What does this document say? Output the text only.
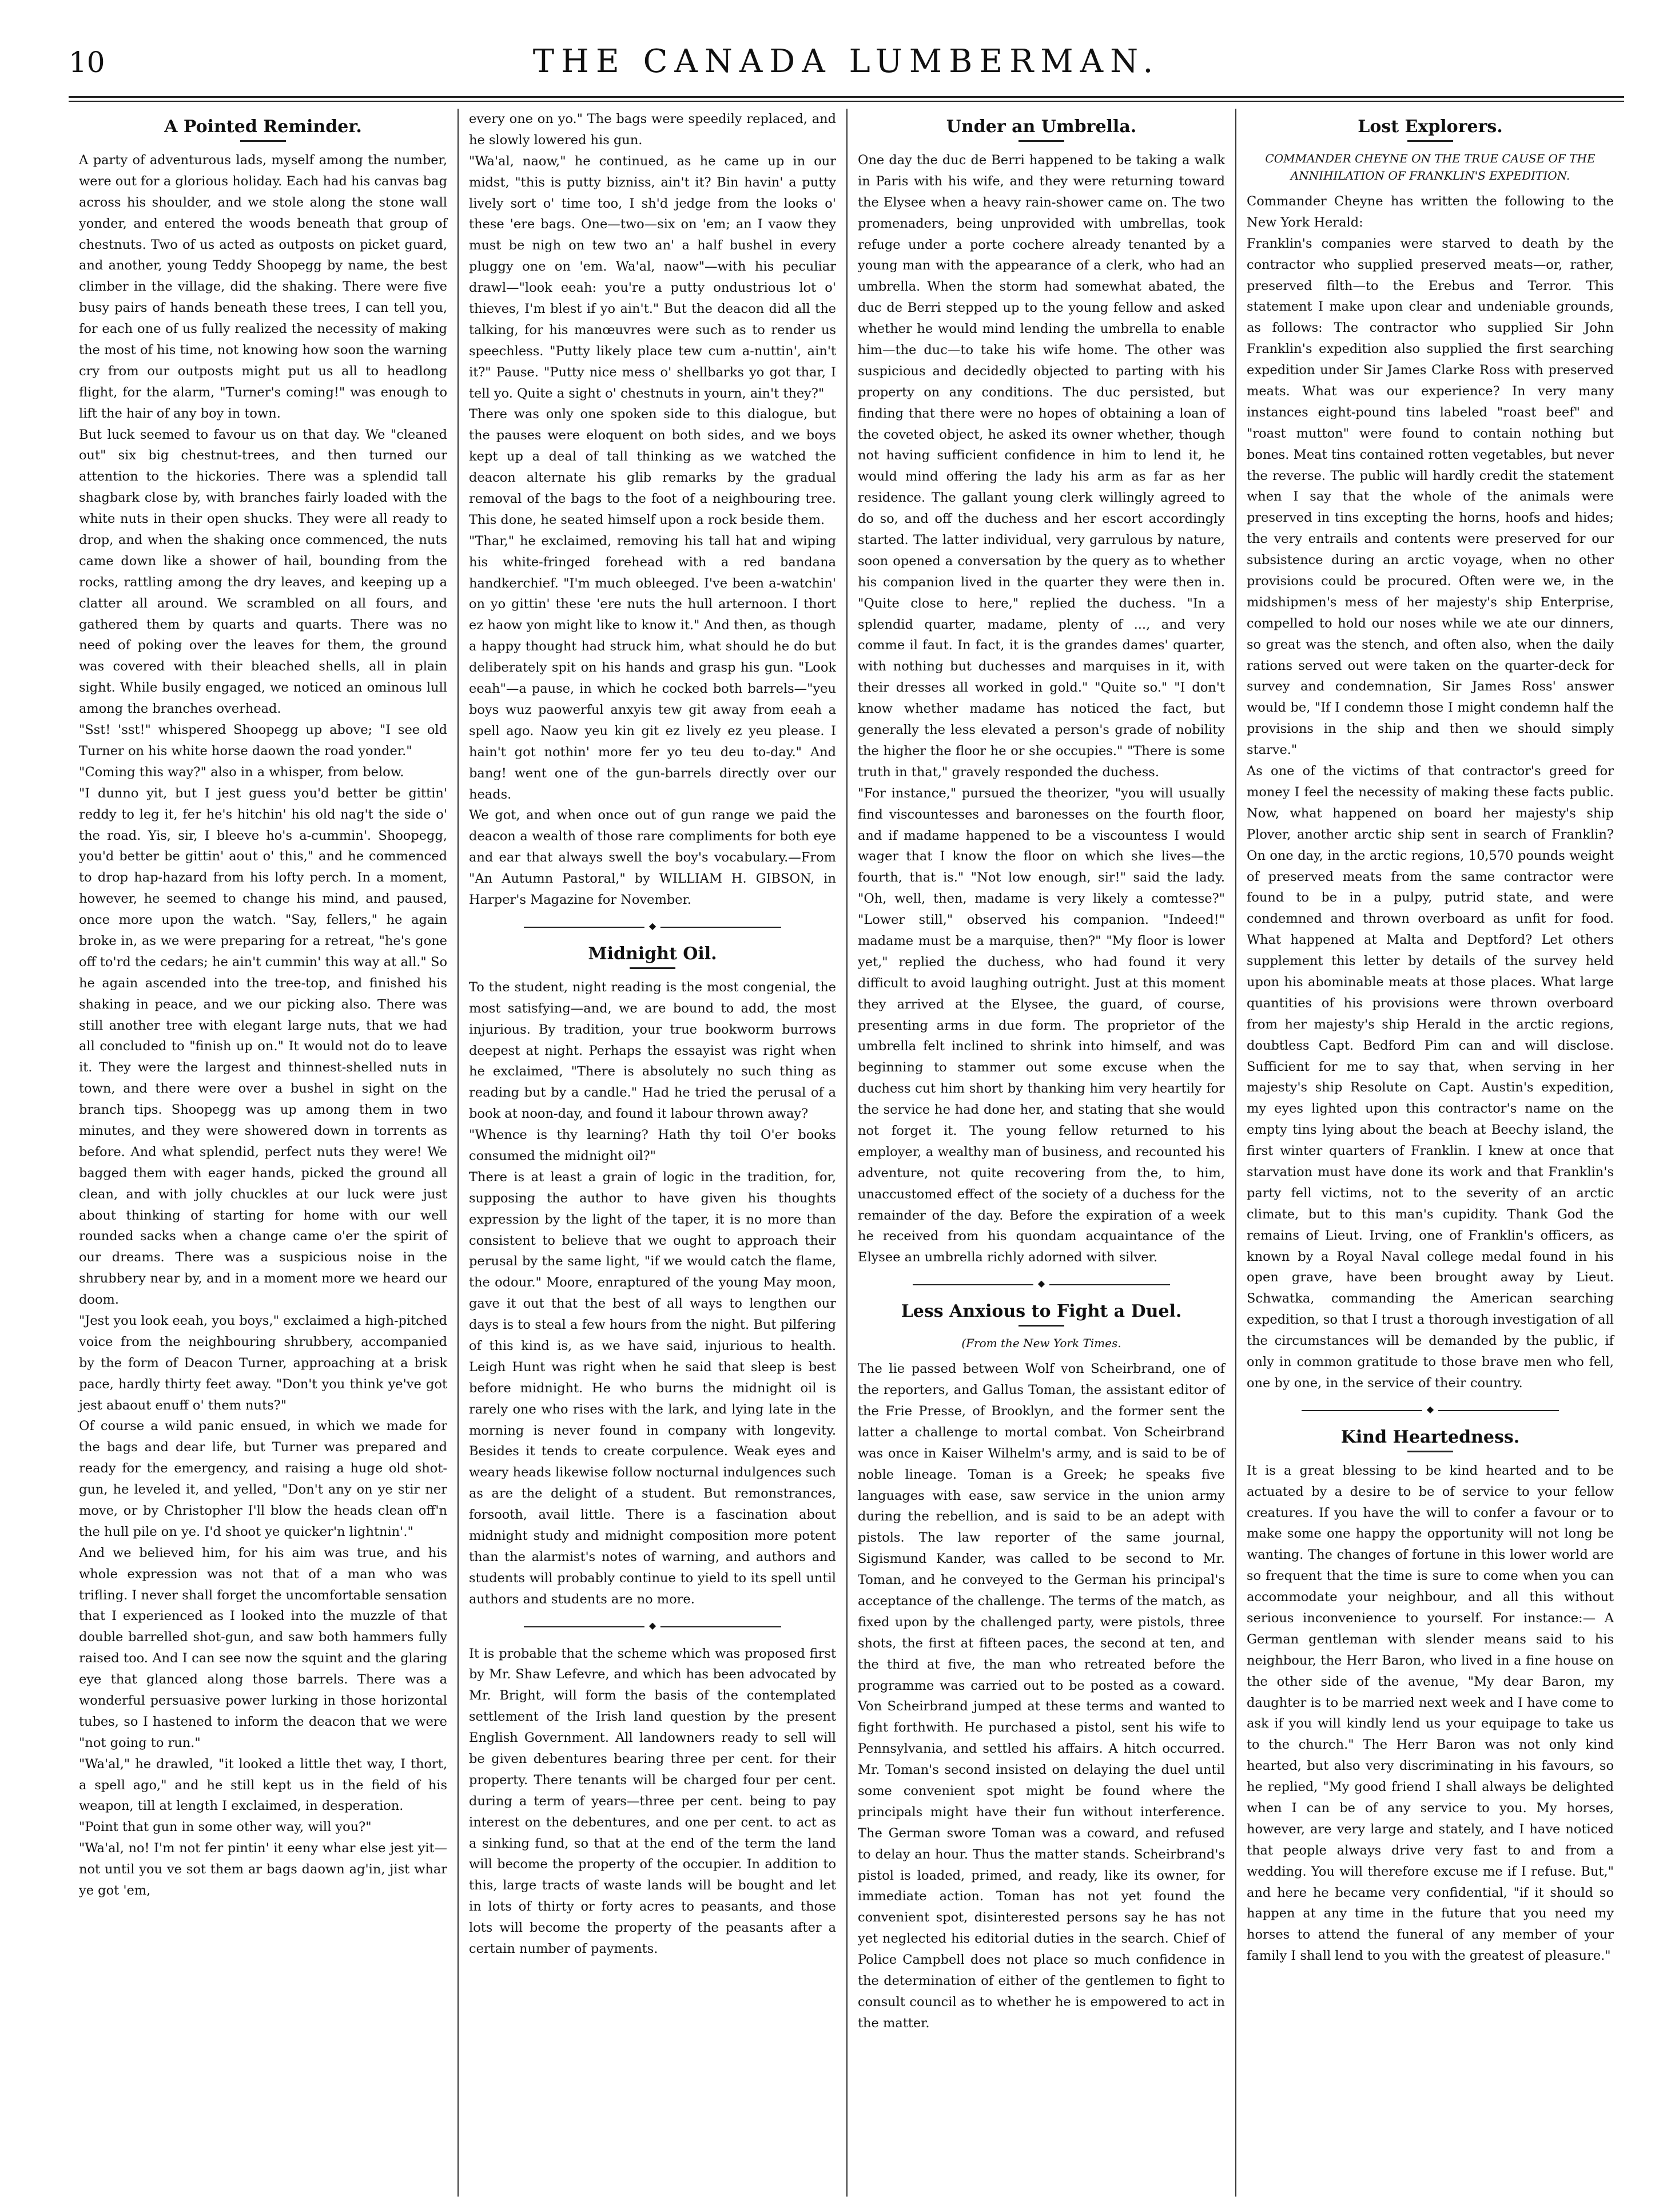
10	THE CANADA LUMBERMAN.
A Pointed Reminder.

A party of adventurous lads, myself among the number, were out for a glorious holiday. Each had his canvas bag across his shoulder, and we stole along the stone wall yonder, and entered the woods beneath that group of chestnuts. Two of us acted as outposts on picket guard, and another, young Teddy Shoopegg by name, the best climber in the village, did the shaking. There were five busy pairs of hands beneath these trees, I can tell you, for each one of us fully realized the necessity of making the most of his time, not knowing how soon the warning cry from our outposts might put us all to headlong flight, for the alarm, "Turner's coming!" was enough to lift the hair of any boy in town.
But luck seemed to favour us on that day. We "cleaned out" six big chestnut-trees, and then turned our attention to the hickories. There was a splendid tall shagbark close by, with branches fairly loaded with the white nuts in their open shucks. They were all ready to drop, and when the shaking once commenced, the nuts came down like a shower of hail, bounding from the rocks, rattling among the dry leaves, and keeping up a clatter all around. We scrambled on all fours, and gathered them by quarts and quarts. There was no need of poking over the leaves for them, the ground was covered with their bleached shells, all in plain sight. While busily engaged, we noticed an ominous lull among the branches overhead.
"Sst! 'sst!" whispered Shoopegg up above; "I see old Turner on his white horse daown the road yonder."
"Coming this way?" also in a whisper, from below.
"I dunno yit, but I jest guess you'd better be gittin' reddy to leg it, fer he's hitchin' his old nag't the side o' the road. Yis, sir, I bleeve ho's a-cummin'. Shoopegg, you'd better be gittin' aout o' this," and he commenced to drop hap-hazard from his lofty perch. In a moment, however, he seemed to change his mind, and paused, once more upon the watch. "Say, fellers," he again broke in, as we were preparing for a retreat, "he's gone off to'rd the cedars; he ain't cummin' this way at all." So he again ascended into the tree-top, and finished his shaking in peace, and we our picking also. There was still another tree with elegant large nuts, that we had all concluded to "finish up on." It would not do to leave it. They were the largest and thinnest-shelled nuts in town, and there were over a bushel in sight on the branch tips. Shoopegg was up among them in two minutes, and they were showered down in torrents as before. And what splendid, perfect nuts they were! We bagged them with eager hands, picked the ground all clean, and with jolly chuckles at our luck were just about thinking of starting for home with our well rounded sacks when a change came o'er the spirit of our dreams. There was a suspicious noise in the shrubbery near by, and in a moment more we heard our doom.
"Jest you look eeah, you boys," exclaimed a high-pitched voice from the neighbouring shrubbery, accompanied by the form of Deacon Turner, approaching at a brisk pace, hardly thirty feet away. "Don't you think ye've got jest abaout enuff o' them nuts?"
Of course a wild panic ensued, in which we made for the bags and dear life, but Turner was prepared and ready for the emergency, and raising a huge old shot-gun, he leveled it, and yelled, "Don't any on ye stir ner move, or by Christopher I'll blow the heads clean off'n the hull pile on ye. I'd shoot ye quicker'n lightnin'."
And we believed him, for his aim was true, and his whole expression was not that of a man who was trifling. I never shall forget the uncomfortable sensation that I experienced as I looked into the muzzle of that double barrelled shot-gun, and saw both hammers fully raised too. And I can see now the squint and the glaring eye that glanced along those barrels. There was a wonderful persuasive power lurking in those horizontal tubes, so I hastened to inform the deacon that we were "not going to run."
"Wa'al," he drawled, "it looked a little thet way, I thort, a spell ago," and he still kept us in the field of his weapon, till at length I exclaimed, in desperation.
"Point that gun in some other way, will you?"
"Wa'al, no! I'm not fer pintin' it eeny whar else jest yit—not until you ve sot them ar bags daown ag'in, jist whar ye got 'em,

every one on yo." The bags were speedily replaced, and he slowly lowered his gun.
"Wa'al, naow," he continued, as he came up in our midst, "this is putty bizniss, ain't it? Bin havin' a putty lively sort o' time too, I sh'd jedge from the looks o' these 'ere bags. One—two—six on 'em; an I vaow they must be nigh on tew two an' a half bushel in every pluggy one on 'em. Wa'al, naow"—with his peculiar drawl—"look eeah: you're a putty ondustrious lot o' thieves, I'm blest if yo ain't." But the deacon did all the talking, for his manœuvres were such as to render us speechless. "Putty likely place tew cum a-nuttin', ain't it?" Pause. "Putty nice mess o' shellbarks yo got thar, I tell yo. Quite a sight o' chestnuts in yourn, ain't they?"
There was only one spoken side to this dialogue, but the pauses were eloquent on both sides, and we boys kept up a deal of tall thinking as we watched the deacon alternate his glib remarks by the gradual removal of the bags to the foot of a neighbouring tree. This done, he seated himself upon a rock beside them.
"Thar," he exclaimed, removing his tall hat and wiping his white-fringed forehead with a red bandana handkerchief. "I'm much obleeged. I've been a-watchin' on yo gittin' these 'ere nuts the hull arternoon. I thort ez haow yon might like to know it." And then, as though a happy thought had struck him, what should he do but deliberately spit on his hands and grasp his gun. "Look eeah"—a pause, in which he cocked both barrels—"yeu boys wuz paowerful anxyis tew git away from eeah a spell ago. Naow yeu kin git ez lively ez yeu please. I hain't got nothin' more fer yo teu deu to-day." And bang! went one of the gun-barrels directly over our heads.
We got, and when once out of gun range we paid the deacon a wealth of those rare compliments for both eye and ear that always swell the boy's vocabulary.—From "An Autumn Pastoral," by WILLIAM H. GIBSON, in Harper's Magazine for November.

◆
Midnight Oil.

To the student, night reading is the most congenial, the most satisfying—and, we are bound to add, the most injurious. By tradition, your true bookworm burrows deepest at night. Perhaps the essayist was right when he exclaimed, "There is absolutely no such thing as reading but by a candle." Had he tried the perusal of a book at noon-day, and found it labour thrown away?
"Whence is thy learning? Hath thy toil O'er books consumed the midnight oil?"
There is at least a grain of logic in the tradition, for, supposing the author to have given his thoughts expression by the light of the taper, it is no more than consistent to believe that we ought to approach their perusal by the same light, "if we would catch the flame, the odour." Moore, enraptured of the young May moon, gave it out that the best of all ways to lengthen our days is to steal a few hours from the night. But pilfering of this kind is, as we have said, injurious to health. Leigh Hunt was right when he said that sleep is best before midnight. He who burns the midnight oil is rarely one who rises with the lark, and lying late in the morning is never found in company with longevity. Besides it tends to create corpulence. Weak eyes and weary heads likewise follow nocturnal indulgences such as are the delight of a student. But remonstrances, forsooth, avail little. There is a fascination about midnight study and midnight composition more potent than the alarmist's notes of warning, and authors and students will probably continue to yield to its spell until authors and students are no more.

◆

It is probable that the scheme which was proposed first by Mr. Shaw Lefevre, and which has been advocated by Mr. Bright, will form the basis of the contemplated settlement of the Irish land question by the present English Government. All landowners ready to sell will be given debentures bearing three per cent. for their property. There tenants will be charged four per cent. during a term of years—three per cent. being to pay interest on the debentures, and one per cent. to act as a sinking fund, so that at the end of the term the land will become the property of the occupier. In addition to this, large tracts of waste lands will be bought and let in lots of thirty or forty acres to peasants, and those lots will become the property of the peasants after a certain number of payments.

Under an Umbrella.

One day the duc de Berri happened to be taking a walk in Paris with his wife, and they were returning toward the Elysee when a heavy rain-shower came on. The two promenaders, being unprovided with umbrellas, took refuge under a porte cochere already tenanted by a young man with the appearance of a clerk, who had an umbrella. When the storm had somewhat abated, the duc de Berri stepped up to the young fellow and asked whether he would mind lending the umbrella to enable him—the duc—to take his wife home. The other was suspicious and decidedly objected to parting with his property on any conditions. The duc persisted, but finding that there were no hopes of obtaining a loan of the coveted object, he asked its owner whether, though not having sufficient confidence in him to lend it, he would mind offering the lady his arm as far as her residence. The gallant young clerk willingly agreed to do so, and off the duchess and her escort accordingly started. The latter individual, very garrulous by nature, soon opened a conversation by the query as to whether his companion lived in the quarter they were then in. "Quite close to here," replied the duchess. "In a splendid quarter, madame, plenty of ..., and very comme il faut. In fact, it is the grandes dames' quarter, with nothing but duchesses and marquises in it, with their dresses all worked in gold." "Quite so." "I don't know whether madame has noticed the fact, but generally the less elevated a person's grade of nobility the higher the floor he or she occupies." "There is some truth in that," gravely responded the duchess.
"For instance," pursued the theorizer, "you will usually find viscountesses and baronesses on the fourth floor, and if madame happened to be a viscountess I would wager that I know the floor on which she lives—the fourth, that is." "Not low enough, sir!" said the lady. "Oh, well, then, madame is very likely a comtesse?" "Lower still," observed his companion. "Indeed!" madame must be a marquise, then?" "My floor is lower yet," replied the duchess, who had found it very difficult to avoid laughing outright. Just at this moment they arrived at the Elysee, the guard, of course, presenting arms in due form. The proprietor of the umbrella felt inclined to shrink into himself, and was beginning to stammer out some excuse when the duchess cut him short by thanking him very heartily for the service he had done her, and stating that she would not forget it. The young fellow returned to his employer, a wealthy man of business, and recounted his adventure, not quite recovering from the, to him, unaccustomed effect of the society of a duchess for the remainder of the day. Before the expiration of a week he received from his quondam acquaintance of the Elysee an umbrella richly adorned with silver.

◆
Less Anxious to Fight a Duel.
(From the New York Times.

The lie passed between Wolf von Scheirbrand, one of the reporters, and Gallus Toman, the assistant editor of the Frie Presse, of Brooklyn, and the former sent the latter a challenge to mortal combat. Von Scheirbrand was once in Kaiser Wilhelm's army, and is said to be of noble lineage. Toman is a Greek; he speaks five languages with ease, saw service in the union army during the rebellion, and is said to be an adept with pistols. The law reporter of the same journal, Sigismund Kander, was called to be second to Mr. Toman, and he conveyed to the German his principal's acceptance of the challenge. The terms of the match, as fixed upon by the challenged party, were pistols, three shots, the first at fifteen paces, the second at ten, and the third at five, the man who retreated before the programme was carried out to be posted as a coward. Von Scheirbrand jumped at these terms and wanted to fight forthwith. He purchased a pistol, sent his wife to Pennsylvania, and settled his affairs. A hitch occurred. Mr. Toman's second insisted on delaying the duel until some convenient spot might be found where the principals might have their fun without interference. The German swore Toman was a coward, and refused to delay an hour. Thus the matter stands. Scheirbrand's pistol is loaded, primed, and ready, like its owner, for immediate action. Toman has not yet found the convenient spot, disinterested persons say he has not yet neglected his editorial duties in the search. Chief of Police Campbell does not place so much confidence in the determination of either of the gentlemen to fight to consult council as to whether he is empowered to act in the matter.

Lost Explorers.
COMMANDER CHEYNE ON THE TRUE CAUSE OF THE ANNIHILATION OF FRANKLIN'S EXPEDITION.

Commander Cheyne has written the following to the New York Herald:
Franklin's companies were starved to death by the contractor who supplied preserved meats—or, rather, preserved filth—to the Erebus and Terror. This statement I make upon clear and undeniable grounds, as follows: The contractor who supplied Sir John Franklin's expedition also supplied the first searching expedition under Sir James Clarke Ross with preserved meats. What was our experience? In very many instances eight-pound tins labeled "roast beef" and "roast mutton" were found to contain nothing but bones. Meat tins contained rotten vegetables, but never the reverse. The public will hardly credit the statement when I say that the whole of the animals were preserved in tins excepting the horns, hoofs and hides; the very entrails and contents were preserved for our subsistence during an arctic voyage, when no other provisions could be procured. Often were we, in the midshipmen's mess of her majesty's ship Enterprise, compelled to hold our noses while we ate our dinners, so great was the stench, and often also, when the daily rations served out were taken on the quarter-deck for survey and condemnation, Sir James Ross' answer would be, "If I condemn those I might condemn half the provisions in the ship and then we should simply starve."
As one of the victims of that contractor's greed for money I feel the necessity of making these facts public. Now, what happened on board her majesty's ship Plover, another arctic ship sent in search of Franklin? On one day, in the arctic regions, 10,570 pounds weight of preserved meats from the same contractor were found to be in a pulpy, putrid state, and were condemned and thrown overboard as unfit for food. What happened at Malta and Deptford? Let others supplement this letter by details of the survey held upon his abominable meats at those places. What large quantities of his provisions were thrown overboard from her majesty's ship Herald in the arctic regions, doubtless Capt. Bedford Pim can and will disclose. Sufficient for me to say that, when serving in her majesty's ship Resolute on Capt. Austin's expedition, my eyes lighted upon this contractor's name on the empty tins lying about the beach at Beechy island, the first winter quarters of Franklin. I knew at once that starvation must have done its work and that Franklin's party fell victims, not to the severity of an arctic climate, but to this man's cupidity. Thank God the remains of Lieut. Irving, one of Franklin's officers, as known by a Royal Naval college medal found in his open grave, have been brought away by Lieut. Schwatka, commanding the American searching expedition, so that I trust a thorough investigation of all the circumstances will be demanded by the public, if only in common gratitude to those brave men who fell, one by one, in the service of their country.

◆
Kind Heartedness.

It is a great blessing to be kind hearted and to be actuated by a desire to be of service to your fellow creatures. If you have the will to confer a favour or to make some one happy the opportunity will not long be wanting. The changes of fortune in this lower world are so frequent that the time is sure to come when you can accommodate your neighbour, and all this without serious inconvenience to yourself. For instance:— A German gentleman with slender means said to his neighbour, the Herr Baron, who lived in a fine house on the other side of the avenue, "My dear Baron, my daughter is to be married next week and I have come to ask if you will kindly lend us your equipage to take us to the church." The Herr Baron was not only kind hearted, but also very discriminating in his favours, so he replied, "My good friend I shall always be delighted when I can be of any service to you. My horses, however, are very large and stately, and I have noticed that people always drive very fast to and from a wedding. You will therefore excuse me if I refuse. But," and here he became very confidential, "if it should so happen at any time in the future that you need my horses to attend the funeral of any member of your family I shall lend to you with the greatest of pleasure."
